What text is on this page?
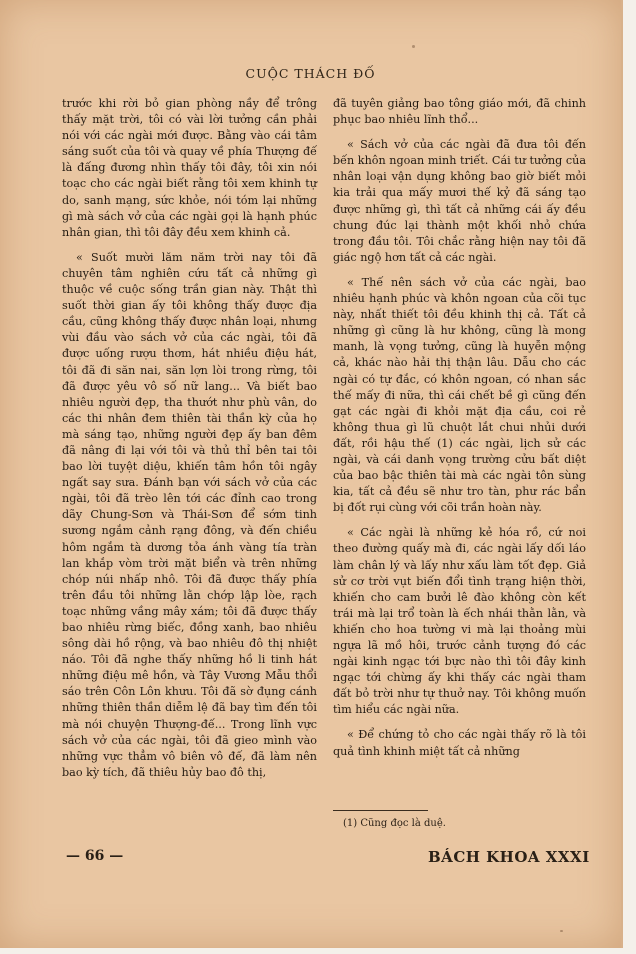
CUỘC THÁCH ĐỐ

trước khi rời bỏ gian phòng nầy để trông thấy mặt trời, tôi có vài lời tưởng cần phải nói với các ngài mới được. Bằng vào cái tâm sáng suốt của tôi và quay về phía Thượng đế là đấng đương nhìn thấy tôi đây, tôi xin nói toạc cho các ngài biết rằng tôi xem khinh tự do, sanh mạng, sức khỏe, nói tóm lại những gì mà sách vở của các ngài gọi là hạnh phúc nhân gian, thì tôi đây đều xem khinh cả.

« Suốt mười lăm năm trời nay tôi đã chuyên tâm nghiên cứu tất cả những gì thuộc về cuộc sống trần gian này. Thật thì suốt thời gian ấy tôi không thấy được địa cầu, cũng không thấy được nhân loại, nhưng vùi đầu vào sách vở của các ngài, tôi đã được uống rượu thơm, hát nhiều điệu hát, tôi đã đi săn nai, săn lợn lòi trong rừng, tôi đã được yêu vô số nữ lang... Và biết bao nhiêu người đẹp, tha thướt như phù vân, do các thi nhân đem thiên tài thần kỳ của họ mà sáng tạo, những người đẹp ấy ban đêm đã nâng đi lại với tôi và thủ thỉ bên tai tôi bao lời tuyệt diệu, khiến tâm hồn tôi ngây ngất say sưa. Đánh bạn với sách vở của các ngài, tôi đã trèo lên tới các đỉnh cao trong dãy Chung-Sơn và Thái-Sơn để sớm tinh sương ngắm cảnh rạng đông, và đến chiều hôm ngắm tà dương tỏa ánh vàng tía tràn lan khắp vòm trời mặt biển và trên những chóp núi nhấp nhô. Tôi đã được thấy phía trên đầu tôi những lằn chớp lập lòe, rạch toạc những vầng mây xám; tôi đã được thấy bao nhiêu rừng biếc, đồng xanh, bao nhiêu sông dài hồ rộng, và bao nhiêu đô thị nhiệt náo. Tôi đã nghe thấy những hồ li tinh hát những điệu mê hồn, và Tây Vương Mẫu thổi sáo trên Côn Lôn khưu. Tôi đã sờ đụng cánh những thiên thần diễm lệ đã bay tìm đến tôi mà nói chuyện Thượng-đế... Trong lĩnh vực sách vở của các ngài, tôi đã gieo mình vào những vực thẳm vô biên vô đế, đã làm nên bao kỳ tích, đã thiêu hủy bao đô thị,

đã tuyên giảng bao tông giáo mới, đã chinh phục bao nhiêu lĩnh thổ...

« Sách vở của các ngài đã đưa tôi đến bến khôn ngoan minh triết. Cái tư tưởng của nhân loại vận dụng không bao giờ biết mỏi kia trải qua mấy mươi thế kỷ đã sáng tạo được những gì, thì tất cả những cái ấy đều chung đúc lại thành một khối nhỏ chứa trong đầu tôi. Tôi chắc rằng hiện nay tôi đã giác ngộ hơn tất cả các ngài.

« Thế nên sách vở của các ngài, bao nhiêu hạnh phúc và khôn ngoan của cõi tục này, nhất thiết tôi đều khinh thị cả. Tất cả những gì cũng là hư không, cũng là mong manh, là vọng tưởng, cũng là huyễn mộng cả, khác nào hải thị thận lâu. Dẫu cho các ngài có tự đắc, có khôn ngoan, có nhan sắc thế mấy đi nữa, thì cái chết bề gì cũng đến gạt các ngài đi khỏi mặt địa cầu, coi rẻ không thua gì lũ chuột lắt chui nhủi dưới đất, rồi hậu thế (1) các ngài, lịch sử các ngài, và cái danh vọng trường cửu bất diệt của bao bậc thiên tài mà các ngài tôn sùng kia, tất cả đều sẽ như tro tàn, phư rác bẩn bị đốt rụi cùng với cõi trần hoàn này.

« Các ngài là những kẻ hóa rồ, cứ noi theo đường quấy mà đi, các ngài lấy dối láo làm chân lý và lấy như xấu làm tốt đẹp. Giả sử cơ trời vụt biến đổi tình trạng hiện thời, khiến cho cam bưởi lê đào không còn kết trái mà lại trổ toàn là ếch nhái thằn lằn, và khiến cho hoa tường vi mà lại thoảng mùi ngựa lã mồ hôi, trước cảnh tượng đó các ngài kinh ngạc tới bực nào thì tôi đây kinh ngạc tới chừng ấy khi thấy các ngài tham đất bỏ trời như tự thuở nay. Tôi không muốn tìm hiểu các ngài nữa.

« Để chứng tỏ cho các ngài thấy rõ là tôi quả tình khinh miệt tất cả những

(1) Cũng đọc là duệ.
— 66 —	BÁCH KHOA XXXI
